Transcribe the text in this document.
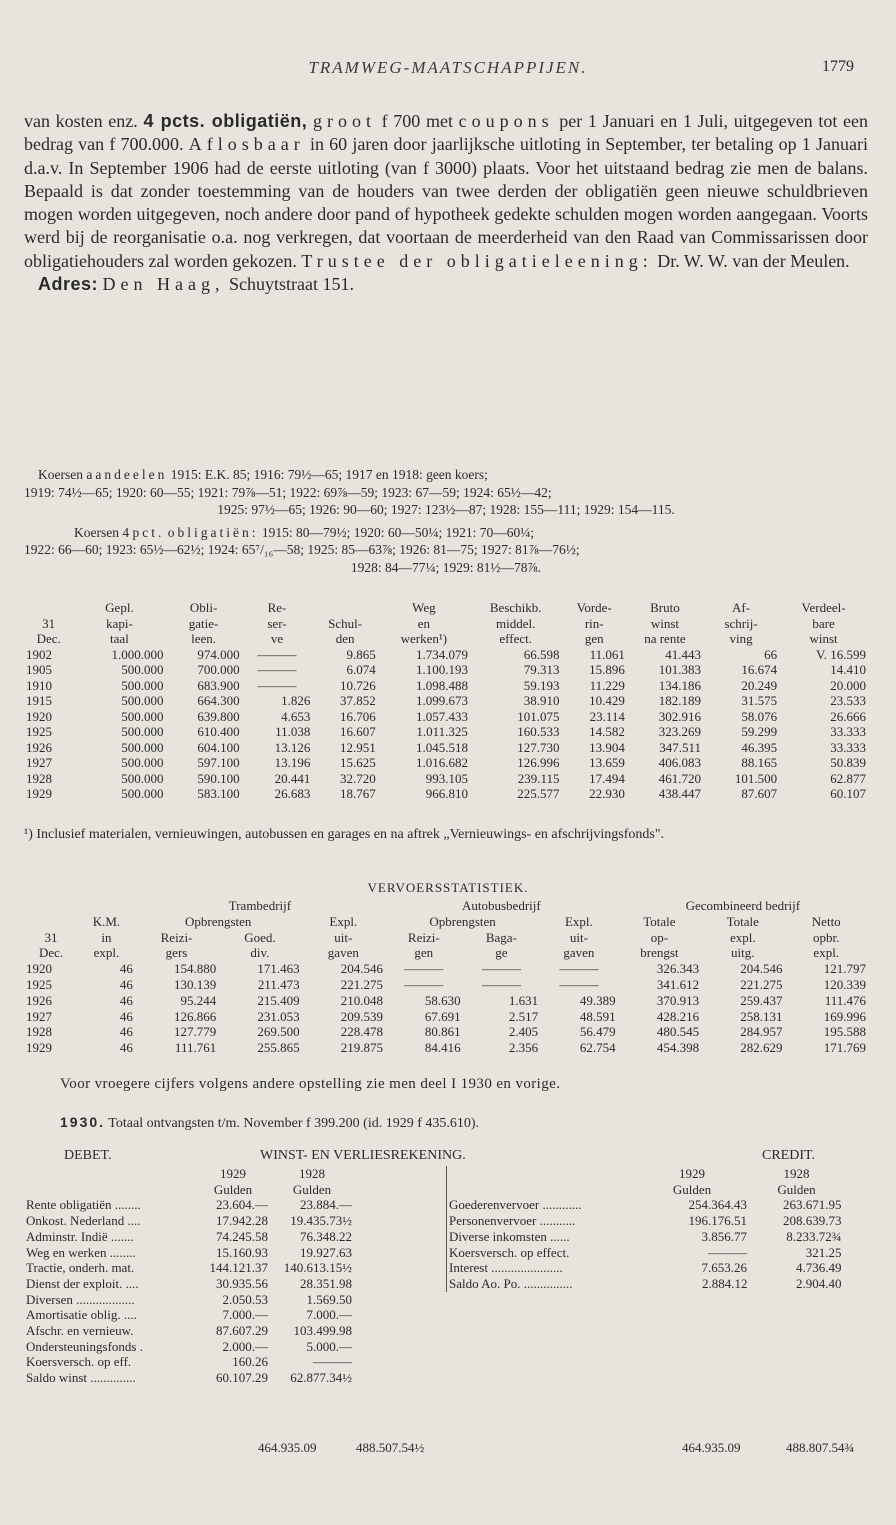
TRAMWEG-MAATSCHAPPIJEN.	1779

van kosten enz. 4 pcts. obligatiën, groot f 700 met coupons per 1 Januari en 1 Juli, uitgegeven tot een bedrag van f 700.000. Aflosbaar in 60 jaren door jaarlijksche uitloting in September, ter betaling op 1 Januari d.a.v. In September 1906 had de eerste uitloting (van f 3000) plaats. Voor het uitstaand bedrag zie men de balans. Bepaald is dat zonder toestemming van de houders van twee derden der obligatiën geen nieuwe schuldbrieven mogen worden uitgegeven, noch andere door pand of hypotheek gedekte schulden mogen worden aangegaan. Voorts werd bij de reorganisatie o.a. nog verkregen, dat voortaan de meerderheid van den Raad van Commissarissen door obligatiehouders zal worden gekozen. Trustee der obligatieleening: Dr. W. W. van der Meulen.

Adres: Den Haag, Schuytstraat 151.

Koersen aandeelen 1915: E.K. 85; 1916: 79½—65; 1917 en 1918: geen koers;
1919: 74½—65; 1920: 60—55; 1921: 79⅞—51; 1922: 69⅞—59; 1923: 67—59; 1924: 65½—42;
1925: 97½—65; 1926: 90—60; 1927: 123½—87; 1928: 155—111; 1929: 154—115.
Koersen 4 pct. obligatiën: 1915: 80—79½; 1920: 60—50¼; 1921: 70—60¼;
1922: 66—60; 1923: 65½—62½; 1924: 65⁷/₁₆—58; 1925: 85—63⅞; 1926: 81—75; 1927: 81⅞—76½;
1928: 84—77¼; 1929: 81½—78⅞.
	Gepl.	Obli-	Re-		Weg	Beschikb.	Vorde-	Bruto	Af-	Verdeel-
31	kapi-	gatie-	ser-	Schul-	en	middel.	rin-	winst	schrij-	bare
Dec.	taal	leen.	ve	den	werken¹)	effect.	gen	na rente	ving	winst
1902	1.000.000	974.000	———	9.865	1.734.079	66.598	11.061	41.443	66	V. 16.599
1905	500.000	700.000	———	6.074	1.100.193	79.313	15.896	101.383	16.674	14.410
1910	500.000	683.900	———	10.726	1.098.488	59.193	11.229	134.186	20.249	20.000
1915	500.000	664.300	1.826	37.852	1.099.673	38.910	10.429	182.189	31.575	23.533
1920	500.000	639.800	4.653	16.706	1.057.433	101.075	23.114	302.916	58.076	26.666
1925	500.000	610.400	11.038	16.607	1.011.325	160.533	14.582	323.269	59.299	33.333
1926	500.000	604.100	13.126	12.951	1.045.518	127.730	13.904	347.511	46.395	33.333
1927	500.000	597.100	13.196	15.625	1.016.682	126.996	13.659	406.083	88.165	50.839
1928	500.000	590.100	20.441	32.720	993.105	239.115	17.494	461.720	101.500	62.877
1929	500.000	583.100	26.683	18.767	966.810	225.577	22.930	438.447	87.607	60.107
¹) Inclusief materialen, vernieuwingen, autobussen en garages en na aftrek „Vernieuwings- en afschrijvingsfonds".
VERVOERSSTATISTIEK.
		Trambedrijf			Autobusbedrijf			Gecombineerd bedrijf		
	K.M.	Opbrengsten		Expl.	Opbrengsten		Expl.	Totale	Totale	Netto
31	in	Reizi-	Goed.	uit-	Reizi-	Baga-	uit-	op-	expl.	opbr.
Dec.	expl.	gers	div.	gaven	gen	ge	gaven	brengst	uitg.	expl.
1920	46	154.880	171.463	204.546	———	———	———	326.343	204.546	121.797
1925	46	130.139	211.473	221.275	———	———	———	341.612	221.275	120.339
1926	46	95.244	215.409	210.048	58.630	1.631	49.389	370.913	259.437	111.476
1927	46	126.866	231.053	209.539	67.691	2.517	48.591	428.216	258.131	169.996
1928	46	127.779	269.500	228.478	80.861	2.405	56.479	480.545	284.957	195.588
1929	46	111.761	255.865	219.875	84.416	2.356	62.754	454.398	282.629	171.769
Voor vroegere cijfers volgens andere opstelling zie men deel I 1930 en vorige.
1930. Totaal ontvangsten t/m. November f 399.200 (id. 1929 f 435.610).
DEBET.	WINST- EN VERLIESREKENING.	CREDIT.
	1929	1928
	Gulden	Gulden
Rente obligatiën ........	23.604.—	23.884.—
Onkost. Nederland ....	17.942.28	19.435.73½
Adminstr. Indië .......	74.245.58	76.348.22
Weg en werken ........	15.160.93	19.927.63
Tractie, onderh. mat.	144.121.37	140.613.15½
Dienst der exploit. ....	30.935.56	28.351.98
Diversen ..................	2.050.53	1.569.50
Amortisatie oblig. ....	7.000.—	7.000.—
Afschr. en vernieuw.	87.607.29	103.499.98
Ondersteuningsfonds .	2.000.—	5.000.—
Koersversch. op eff.	160.26	———
Saldo winst ..............	60.107.29	62.877.34½
	1929	1928
	Gulden	Gulden
Goederenvervoer ............	254.364.43	263.671.95
Personenvervoer ...........	196.176.51	208.639.73
Diverse inkomsten ......	3.856.77	8.233.72¾
Koersversch. op effect.	———	321.25
Interest ......................	7.653.26	4.736.49
Saldo Ao. Po. ...............	2.884.12	2.904.40
464.935.09	488.507.54½	464.935.09	488.807.54¾
